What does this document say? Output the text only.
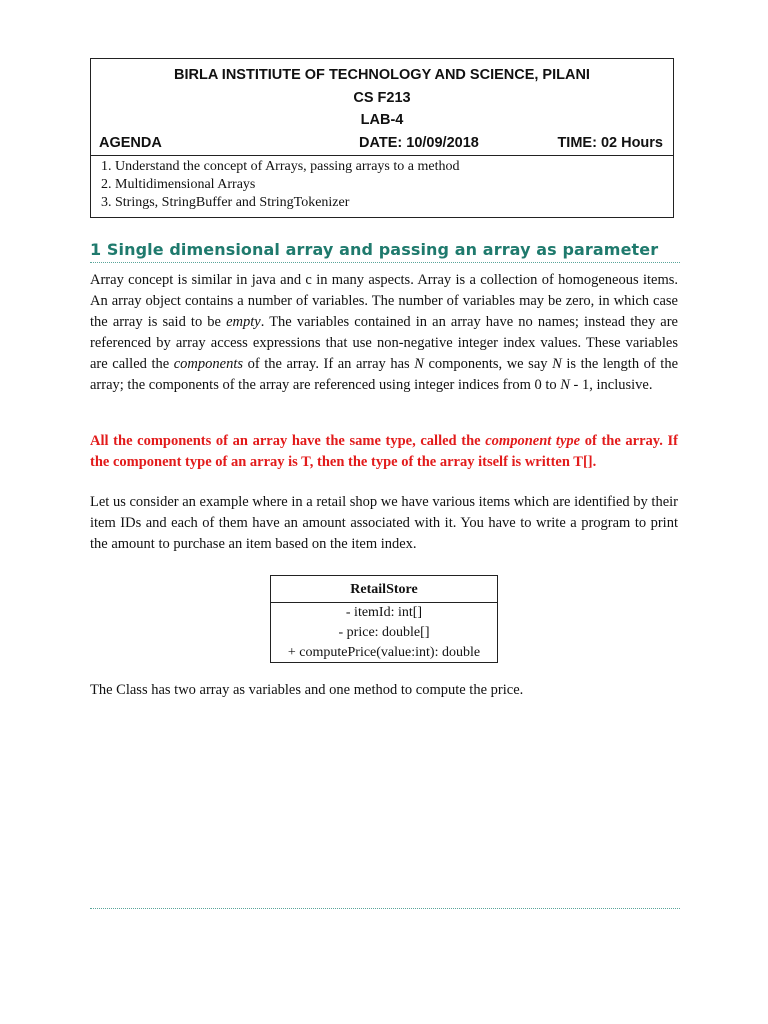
BIRLA INSTITIUTE OF TECHNOLOGY AND SCIENCE, PILANI
CS F213
LAB-4
AGENDA	DATE: 10/09/2018	TIME: 02 Hours
1. Understand the concept of Arrays, passing arrays to a method
2. Multidimensional Arrays
3. Strings, StringBuffer and StringTokenizer
1 Single dimensional array and passing an array as parameter

Array concept is similar in java and c in many aspects. Array is a collection of homogeneous items. An array object contains a number of variables. The number of variables may be zero, in which case the array is said to be empty. The variables contained in an array have no names; instead they are referenced by array access expressions that use non-negative integer index values. These variables are called the components of the array. If an array has N components, we say N is the length of the array; the components of the array are referenced using integer indices from 0 to N - 1, inclusive.

All the components of an array have the same type, called the component type of the array. If the component type of an array is T, then the type of the array itself is written T[].

Let us consider an example where in a retail shop we have various items which are identified by their item IDs and each of them have an amount associated with it. You have to write a program to print the amount to purchase an item based on the item index.

RetailStore
- itemId: int[]
- price: double[]
+ computePrice(value:int): double

The Class has two array as variables and one method to compute the price.
